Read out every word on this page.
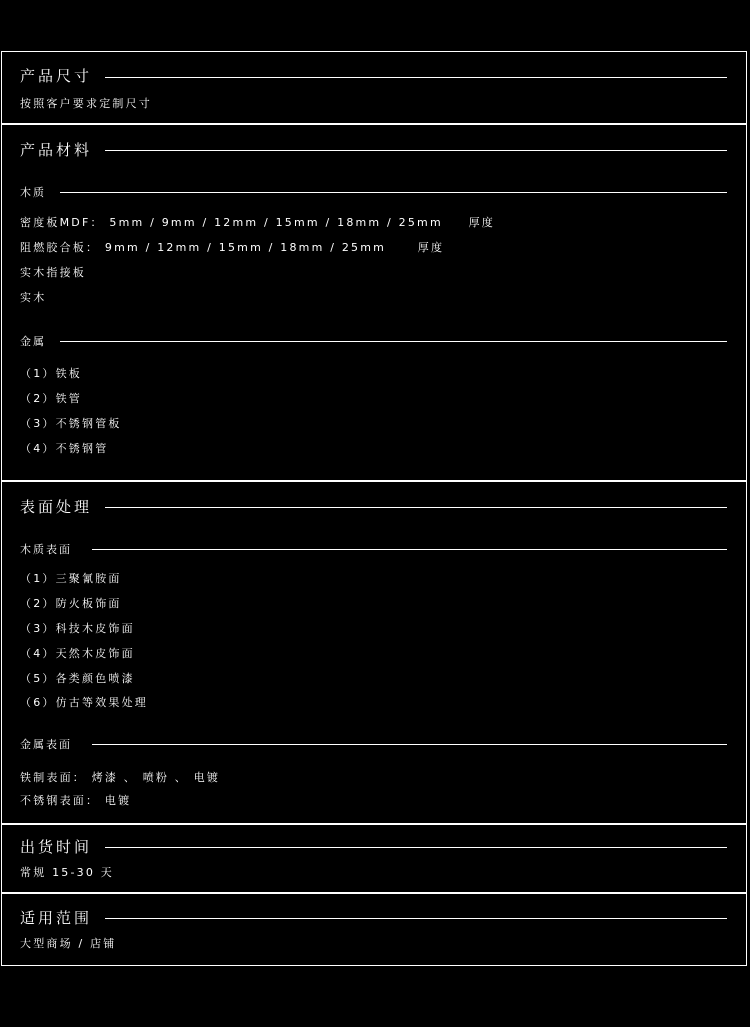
产品尺寸
按照客户要求定制尺寸
产品材料
木质
密度板MDF： 5mm / 9mm / 12mm / 15mm / 18mm / 25mm 厚度
阻燃胶合板： 9mm / 12mm / 15mm / 18mm / 25mm	厚度
实木指接板
实木
金属
（1）铁板
（2）铁管
（3）不锈钢管板
（4）不锈钢管
表面处理
木质表面
（1）三聚氰胺面
（2）防火板饰面
（3）科技木皮饰面
（4）天然木皮饰面
（5）各类颜色喷漆
（6）仿古等效果处理
金属表面
铁制表面： 烤漆 、 喷粉 、 电镀
不锈钢表面： 电镀
出货时间
常规 15-30 天
适用范围
大型商场 / 店铺
